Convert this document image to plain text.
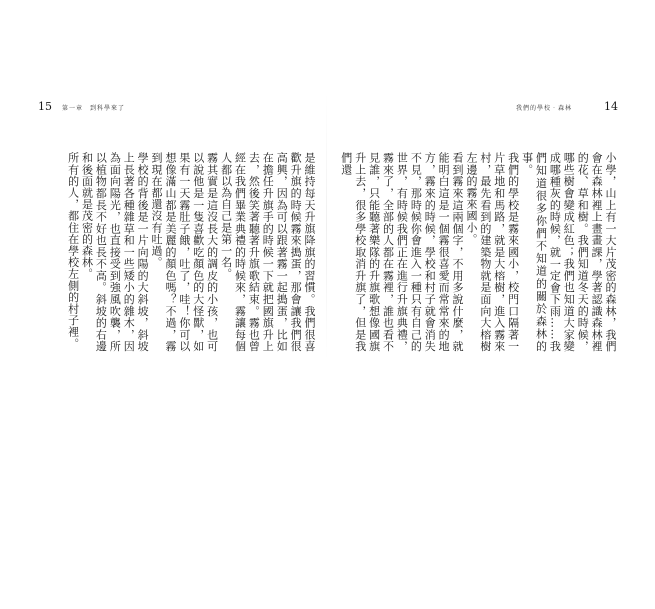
15 第一章　到科學來了	我們的學校‧森林	14
是維持每天升旗降旗的習慣。我們很喜歡升旗的時候霧來搗蛋，那會讓我們很高興，因為可以跟著霧一起搗蛋，比如在擔任升旗手的時候一下就把國旗升上去，然後笑著聽著升旗歌結束。霧也曾經在我們畢業典禮的時候來，霧讓每個人都以為自己是第一名。
霧其實是這沒長大的調皮的小孩，也可以說他是一隻喜歡吃顏色的大怪獸，如果有一天霧肚子餓，吐了，哇！你可以想像滿山都是美麗的顏色嗎？不過，霧到現在都還沒有吐過。
學校的背後是一片向陽的大斜坡，斜坡上長著各種雜草和一些矮小的雜木，因為面向陽光，也直接受到強風吹襲，所以植物都長不好也長不高。斜坡的右邊和後面就是茂密的森林。
所有的人，都住在學校左側的村子裡。	小學，山上有一大片茂密的森林，我們會在森林裡上畫畫課，學著認識森林裡的花、草和樹。我們知道冬天的時候，哪些樹會變成紅色；我們也知道大家變成哪種灰的時候，就一定會下雨……我們知道很多你們不知道的關於森林的事。
我們的學校是霧來國小，校門口隔著一片草地和馬路，就是大榕樹，進入霧來村，最先看到的建築物就是面向大榕樹左邊的霧來國小。
看到霧來這兩個字，不用多說什麼，就能明白這是一個霧很喜愛而常常來的地方，霧來的時候，學校和村子就會消失不見，那時候你會進入一種只有自己的世界，有時候我們正在進行升旗典禮，霧來了，全部的人都在霧裡，誰也看不見誰，只能聽著樂隊的升旗歌想像國旗升上去，很多學校取消升旗了，但是我們還
